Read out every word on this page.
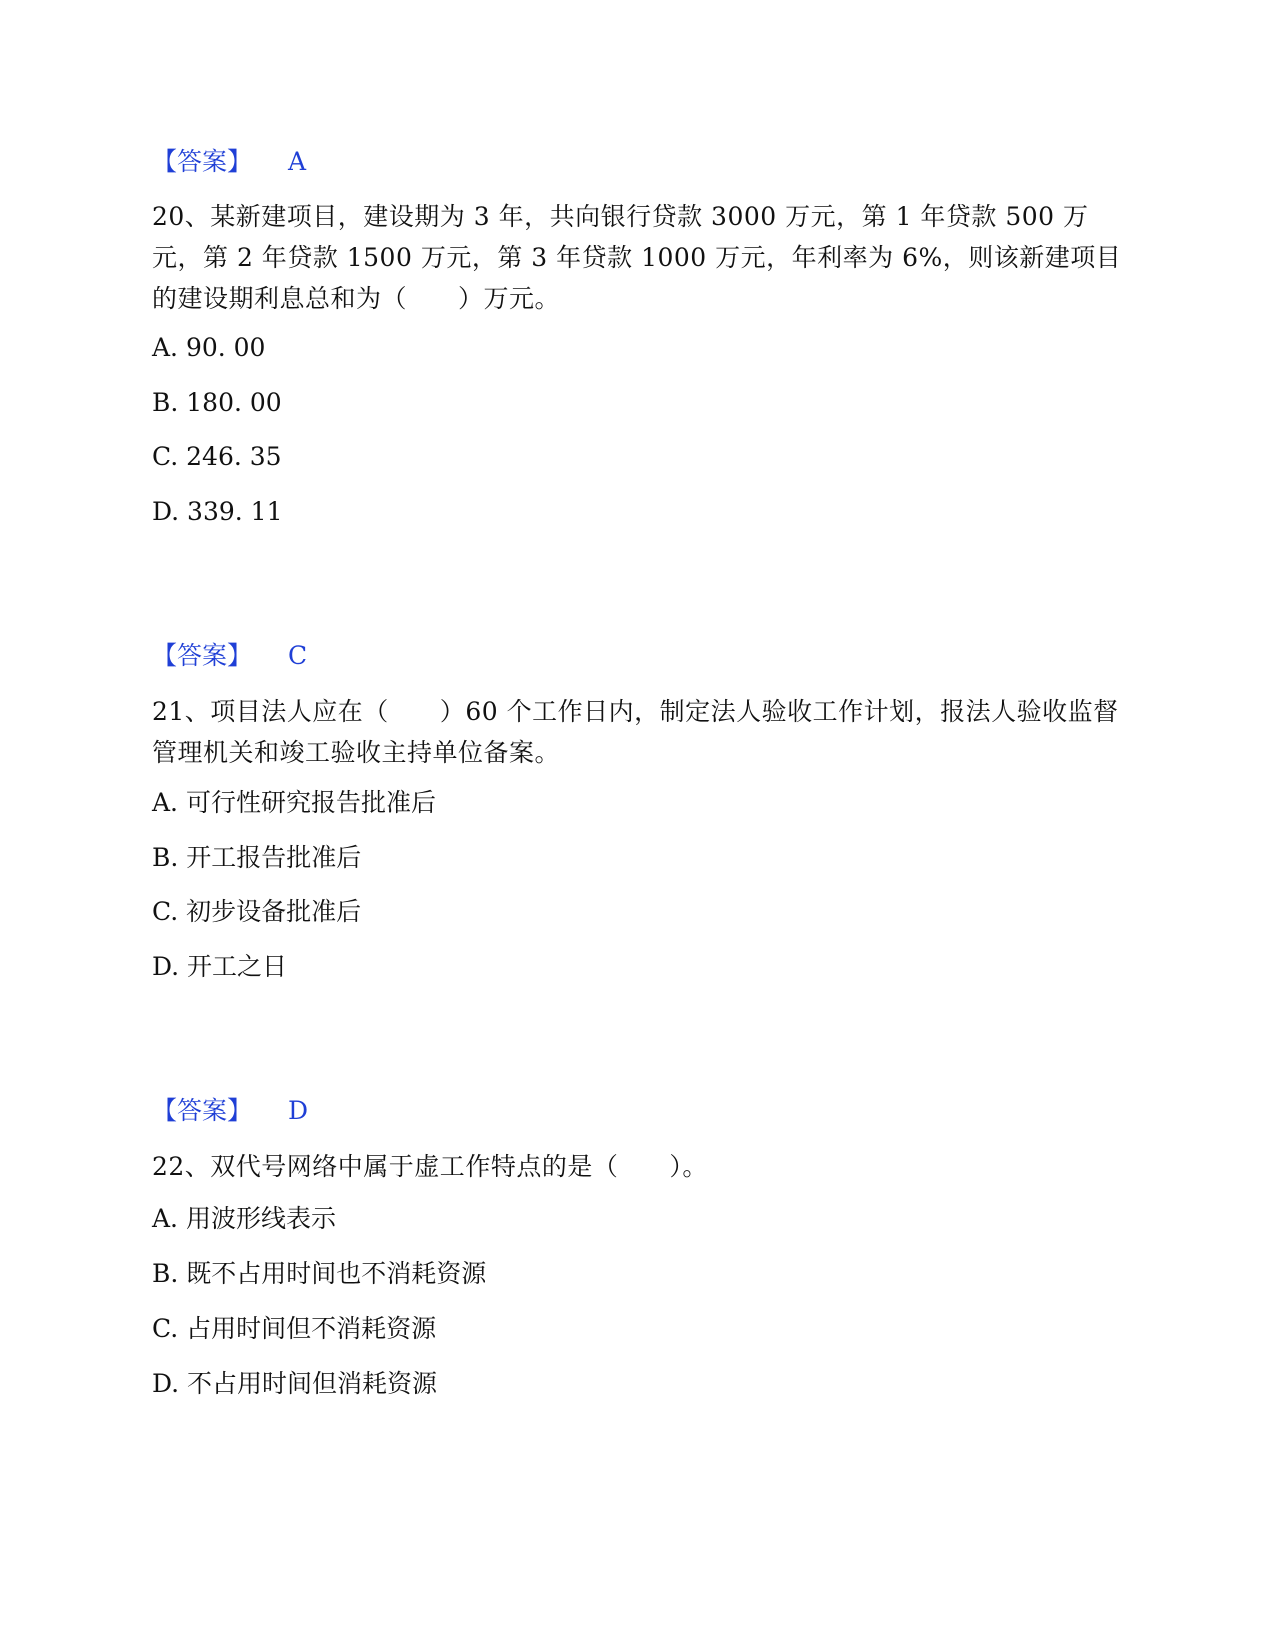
【答案】 A
20、某新建项目，建设期为 3 年，共向银行贷款 3000 万元，第 1 年贷款 500 万元，第 2 年贷款 1500 万元，第 3 年贷款 1000 万元，年利率为 6%，则该新建项目的建设期利息总和为（　　）万元。
A. 90. 00
B. 180. 00
C. 246. 35
D. 339. 11
【答案】 C
21、项目法人应在（　　）60 个工作日内，制定法人验收工作计划，报法人验收监督管理机关和竣工验收主持单位备案。
A. 可行性研究报告批准后
B. 开工报告批准后
C. 初步设备批准后
D. 开工之日
【答案】 D
22、双代号网络中属于虚工作特点的是（　　）。
A. 用波形线表示
B. 既不占用时间也不消耗资源
C. 占用时间但不消耗资源
D. 不占用时间但消耗资源
